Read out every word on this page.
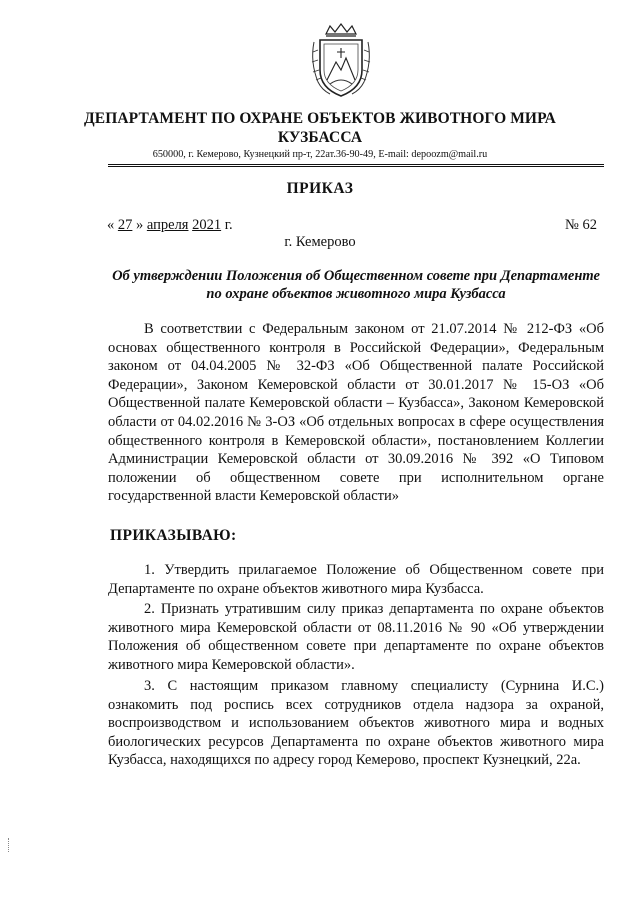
ДЕПАРТАМЕНТ ПО ОХРАНЕ ОБЪЕКТОВ ЖИВОТНОГО МИРА КУЗБАССА
650000, г. Кемерово, Кузнецкий пр-т, 22ат.36-90-49, E-mail: depoozm@mail.ru
ПРИКАЗ
« 27 » апреля 2021 г.	№ 62
г. Кемерово
Об утверждении Положения об Общественном совете при Департаменте по охране объектов животного мира Кузбасса

В соответствии с Федеральным законом от 21.07.2014 № 212-ФЗ «Об основах общественного контроля в Российской Федерации», Федеральным законом от 04.04.2005 № 32-ФЗ «Об Общественной палате Российской Федерации», Законом Кемеровской области от 30.01.2017 № 15-ОЗ «Об Общественной палате Кемеровской области – Кузбасса», Законом Кемеровской области от 04.02.2016 № 3-ОЗ «Об отдельных вопросах в сфере осуществления общественного контроля в Кемеровской области», постановлением Коллегии Администрации Кемеровской области от 30.09.2016 № 392 «О Типовом положении об общественном совете при исполнительном органе государственной власти Кемеровской области»

ПРИКАЗЫВАЮ:

1. Утвердить прилагаемое Положение об Общественном совете при Департаменте по охране объектов животного мира Кузбасса.

2. Признать утратившим силу приказ департамента по охране объектов животного мира Кемеровской области от 08.11.2016 № 90 «Об утверждении Положения об общественном совете при департаменте по охране объектов животного мира Кемеровской области».

3. С настоящим приказом главному специалисту (Сурнина И.С.) ознакомить под роспись всех сотрудников отдела надзора за охраной, воспроизводством и использованием объектов животного мира и водных биологических ресурсов Департамента по охране объектов животного мира Кузбасса, находящихся по адресу город Кемерово, проспект Кузнецкий, 22а.
